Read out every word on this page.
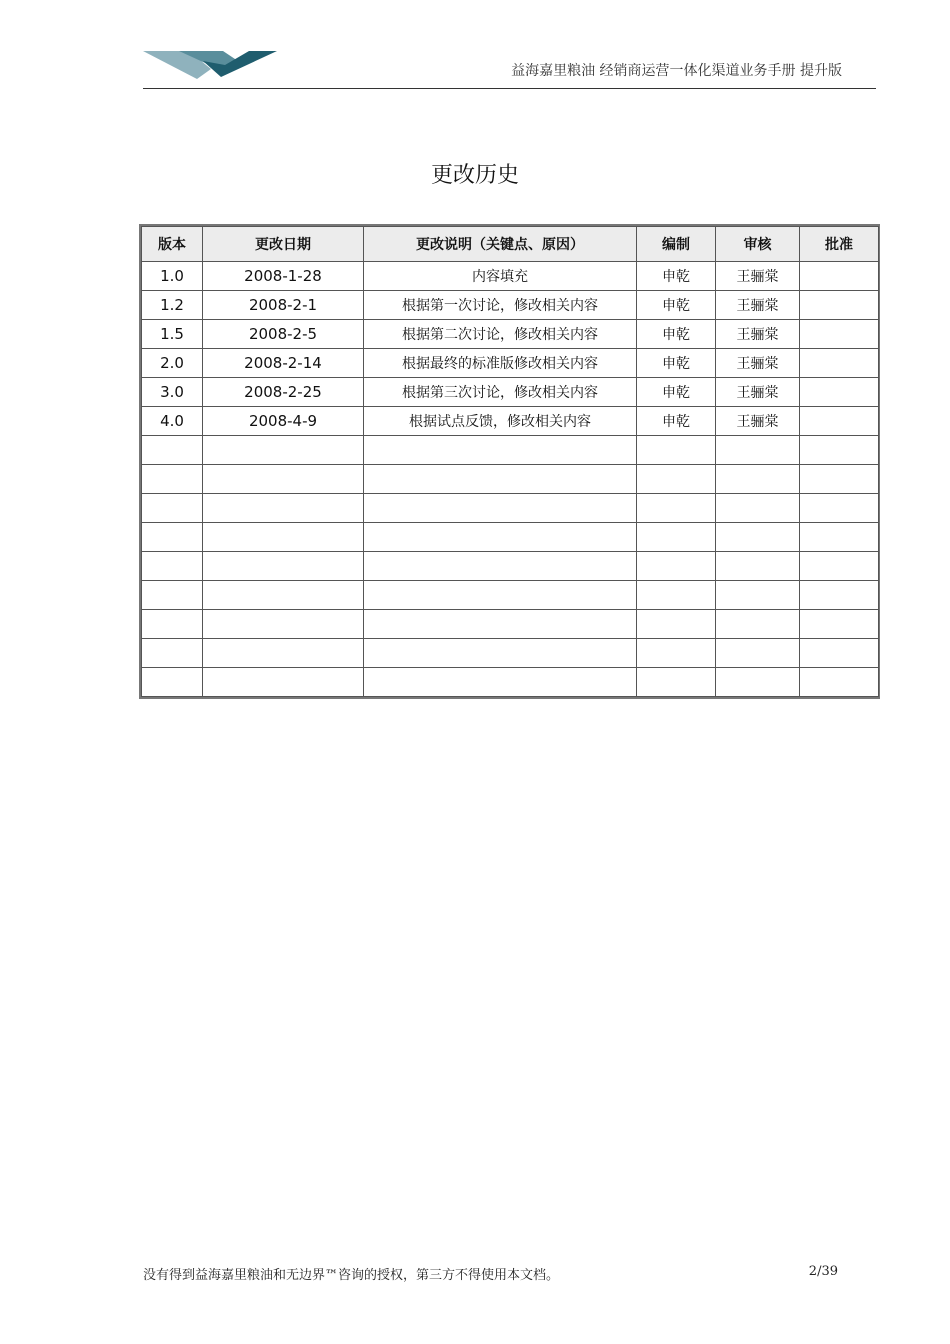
益海嘉里粮油 经销商运营一体化渠道业务手册 提升版
更改历史
版本	更改日期	更改说明（关键点、原因）	编制	审核	批准
1.0	2008-1-28	内容填充	申乾	王骊棠	
1.2	2008-2-1	根据第一次讨论，修改相关内容	申乾	王骊棠	
1.5	2008-2-5	根据第二次讨论，修改相关内容	申乾	王骊棠	
2.0	2008-2-14	根据最终的标准版修改相关内容	申乾	王骊棠	
3.0	2008-2-25	根据第三次讨论，修改相关内容	申乾	王骊棠	
4.0	2008-4-9	根据试点反馈，修改相关内容	申乾	王骊棠	

没有得到益海嘉里粮油和无边界™咨询的授权，第三方不得使用本文档。	2/39
